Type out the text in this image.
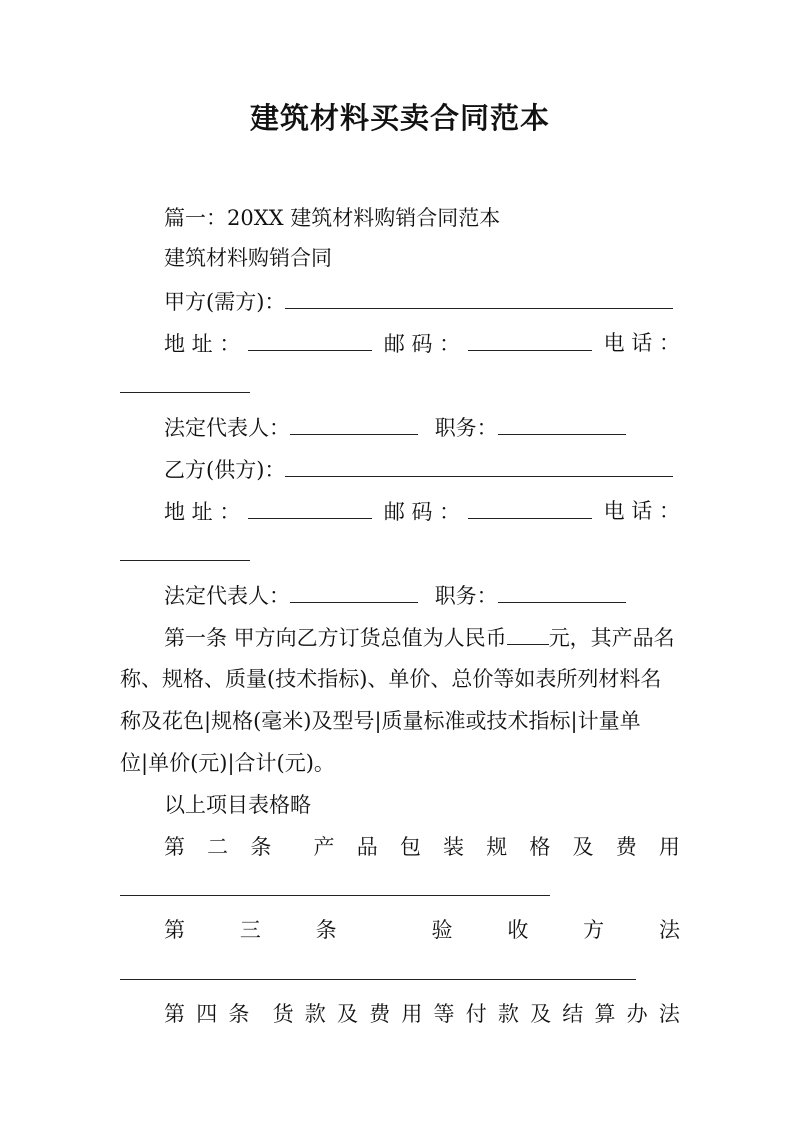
建筑材料买卖合同范本
篇一：20XX 建筑材料购销合同范本
建筑材料购销合同
甲方(需方)：
地 址 ：	邮 码 ：	电 话 ：
法定代表人：	职务：
乙方(供方)：
地 址 ：	邮 码 ：	电 话 ：
法定代表人：	职务：
第一条 甲方向乙方订货总值为人民币 元，其产品名
称、规格、质量(技术指标)、单价、总价等如表所列材料名
称及花色|规格(毫米)及型号|质量标准或技术指标|计量单
位|单价(元)|合计(元)。
以上项目表格略
第 二 条 产 品 包 装 规 格 及 费 用
第	三	条	验	收	方	法
第 四 条 货 款 及 费 用 等 付 款 及 结 算 办 法
